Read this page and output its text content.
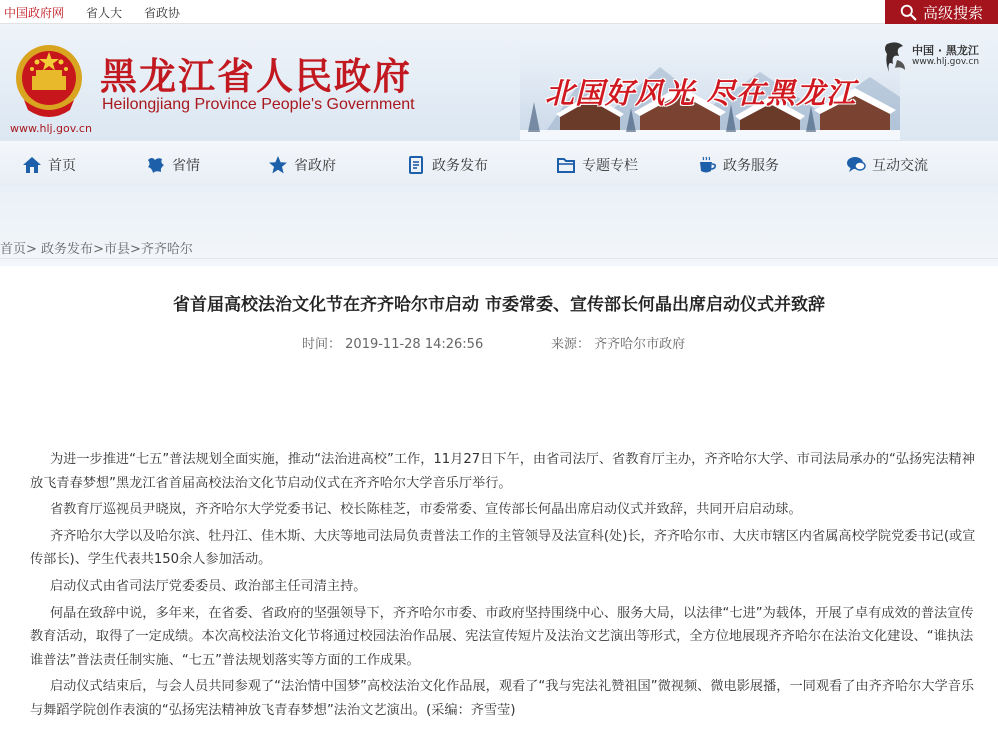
中国政府网 省人大 省政协	高级搜索
黑龙江省人民政府
Heilongjiang Province People's Government
www.hlj.gov.cn
北国好风光 尽在黑龙江
中国 · 黑龙江
www.hlj.gov.cn
首页	省情	省政府	政务发布	专题专栏	政务服务	互动交流
首页> 政务发布>市县>齐齐哈尔
省首届高校法治文化节在齐齐哈尔市启动 市委常委、宣传部长何晶出席启动仪式并致辞
时间： 2019-11-28 14:26:56	来源： 齐齐哈尔市政府

为进一步推进“七五”普法规划全面实施，推动“法治进高校”工作，11月27日下午，由省司法厅、省教育厅主办，齐齐哈尔大学、市司法局承办的“弘扬宪法精神放飞青春梦想”黑龙江省首届高校法治文化节启动仪式在齐齐哈尔大学音乐厅举行。

省教育厅巡视员尹晓岚，齐齐哈尔大学党委书记、校长陈桂芝，市委常委、宣传部长何晶出席启动仪式并致辞，共同开启启动球。

齐齐哈尔大学以及哈尔滨、牡丹江、佳木斯、大庆等地司法局负责普法工作的主管领导及法宣科(处)长，齐齐哈尔市、大庆市辖区内省属高校学院党委书记(或宣传部长)、学生代表共150余人参加活动。

启动仪式由省司法厅党委委员、政治部主任司清主持。

何晶在致辞中说，多年来，在省委、省政府的坚强领导下，齐齐哈尔市委、市政府坚持围绕中心、服务大局，以法律“七进”为载体，开展了卓有成效的普法宣传教育活动，取得了一定成绩。本次高校法治文化节将通过校园法治作品展、宪法宣传短片及法治文艺演出等形式，全方位地展现齐齐哈尔在法治文化建设、“谁执法谁普法”普法责任制实施、“七五”普法规划落实等方面的工作成果。

启动仪式结束后，与会人员共同参观了“法治情中国梦”高校法治文化作品展，观看了“我与宪法礼赞祖国”微视频、微电影展播，一同观看了由齐齐哈尔大学音乐与舞蹈学院创作表演的“弘扬宪法精神放飞青春梦想”法治文艺演出。(采编：齐雪莹)
